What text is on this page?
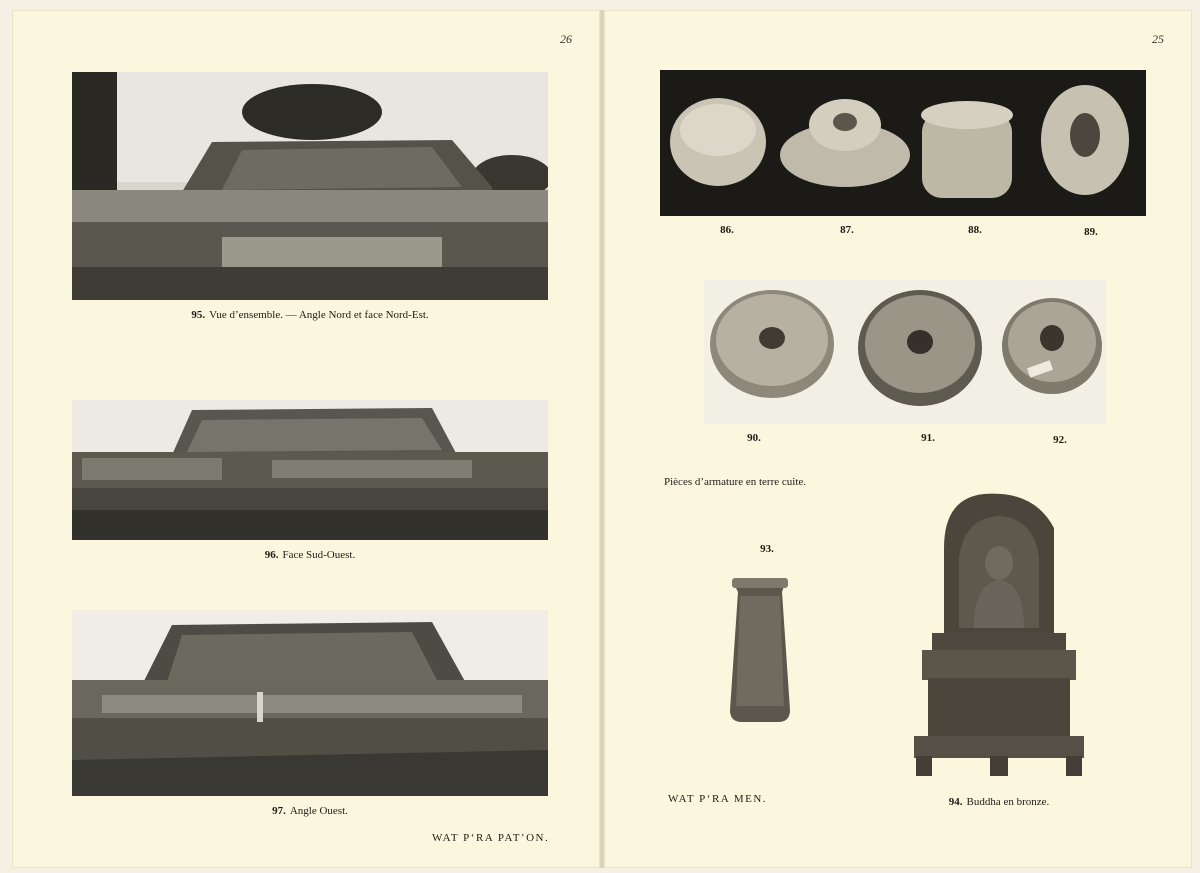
26
95. Vue d’ensemble. — Angle Nord et face Nord-Est.
96. Face Sud-Ouest.
97. Angle Ouest.
WAT P‘RA PAT’ON.
25
86.	87.	88.	89.
90.	91.	92.
Pièces d’armature en terre cuite.
93.
WAT P‘RA MEN.	94. Buddha en bronze.
